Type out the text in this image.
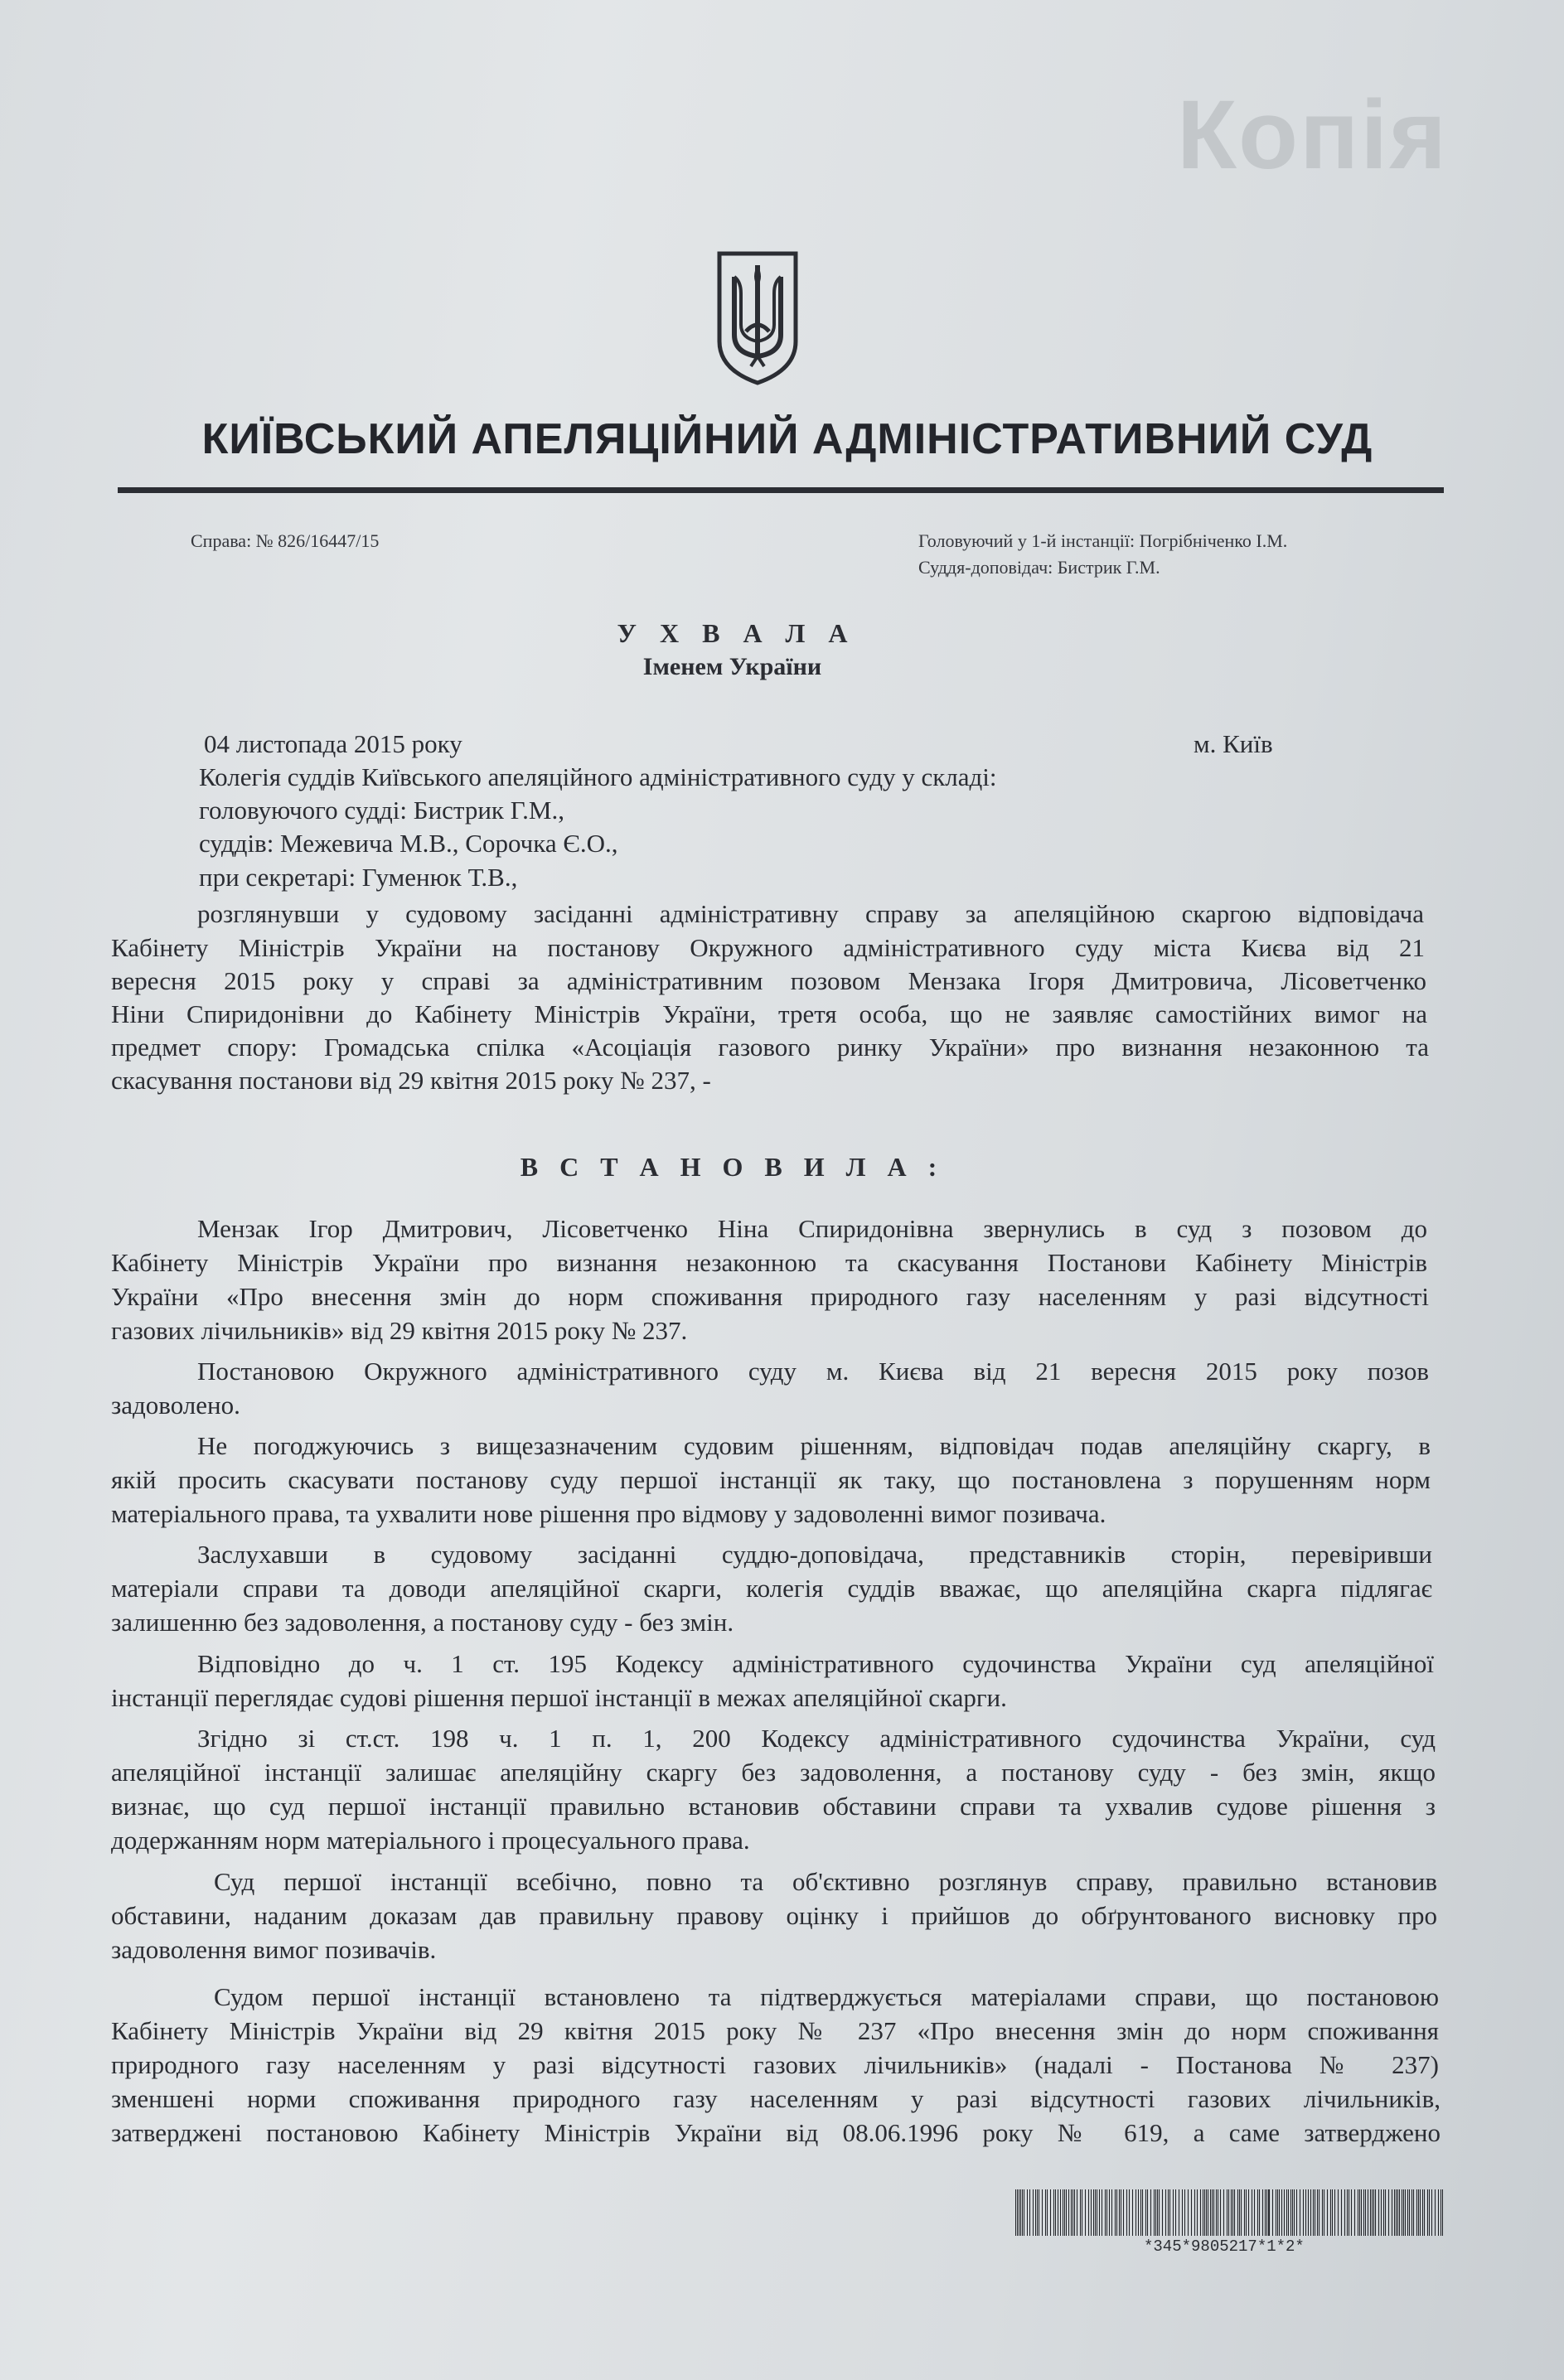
Копія
КИЇВСЬКИЙ АПЕЛЯЦІЙНИЙ АДМІНІСТРАТИВНИЙ СУД
Справа: № 826/16447/15	Головуючий у 1-й інстанції: Погрібніченко І.М.
Суддя-доповідач: Бистрик Г.М.
У Х В А Л А
Іменем України
04 листопада 2015 року	м. Київ
Колегія суддів Київського апеляційного адміністративного суду у складі:
головуючого судді: Бистрик Г.М.,
суддів: Межевича М.В., Сорочка Є.О.,
при секретарі: Гуменюк Т.В.,
розглянувши у судовому засіданні адміністративну справу за апеляційною скаргою відповідача
Кабінету Міністрів України на постанову Окружного адміністративного суду міста Києва від 21
вересня 2015 року у справі за адміністративним позовом Мензака Ігоря Дмитровича, Лісоветченко
Ніни Спиридонівни до Кабінету Міністрів України, третя особа, що не заявляє самостійних вимог на
предмет спору: Громадська спілка «Асоціація газового ринку України» про визнання незаконною та
скасування постанови від 29 квітня 2015 року № 237, -
В С Т А Н О В И Л А :
Мензак Ігор Дмитрович, Лісоветченко Ніна Спиридонівна звернулись в суд з позовом до
Кабінету Міністрів України про визнання незаконною та скасування Постанови Кабінету Міністрів
України «Про внесення змін до норм споживання природного газу населенням у разі відсутності
газових лічильників» від 29 квітня 2015 року № 237.
Постановою Окружного адміністративного суду м. Києва від 21 вересня 2015 року позов
задоволено.
Не погоджуючись з вищезазначеним судовим рішенням, відповідач подав апеляційну скаргу, в
якій просить скасувати постанову суду першої інстанції як таку, що постановлена з порушенням норм
матеріального права, та ухвалити нове рішення про відмову у задоволенні вимог позивача.
Заслухавши в судовому засіданні суддю-доповідача, представників сторін, перевіривши
матеріали справи та доводи апеляційної скарги, колегія суддів вважає, що апеляційна скарга підлягає
залишенню без задоволення, а постанову суду - без змін.
Відповідно до ч. 1 ст. 195 Кодексу адміністративного судочинства України суд апеляційної
інстанції переглядає судові рішення першої інстанції в межах апеляційної скарги.
Згідно зі ст.ст. 198 ч. 1 п. 1, 200 Кодексу адміністративного судочинства України, суд
апеляційної інстанції залишає апеляційну скаргу без задоволення, а постанову суду - без змін, якщо
визнає, що суд першої інстанції правильно встановив обставини справи та ухвалив судове рішення з
додержанням норм матеріального і процесуального права.
Суд першої інстанції всебічно, повно та об'єктивно розглянув справу, правильно встановив
обставини, наданим доказам дав правильну правову оцінку і прийшов до обґрунтованого висновку про
задоволення вимог позивачів.
Судом першої інстанції встановлено та підтверджується матеріалами справи, що постановою
Кабінету Міністрів України від 29 квітня 2015 року № 237 «Про внесення змін до норм споживання
природного газу населенням у разі відсутності газових лічильників» (надалі - Постанова № 237)
зменшені норми споживання природного газу населенням у разі відсутності газових лічильників,
затверджені постановою Кабінету Міністрів України від 08.06.1996 року № 619, а саме затверджено
*345*9805217*1*2*
